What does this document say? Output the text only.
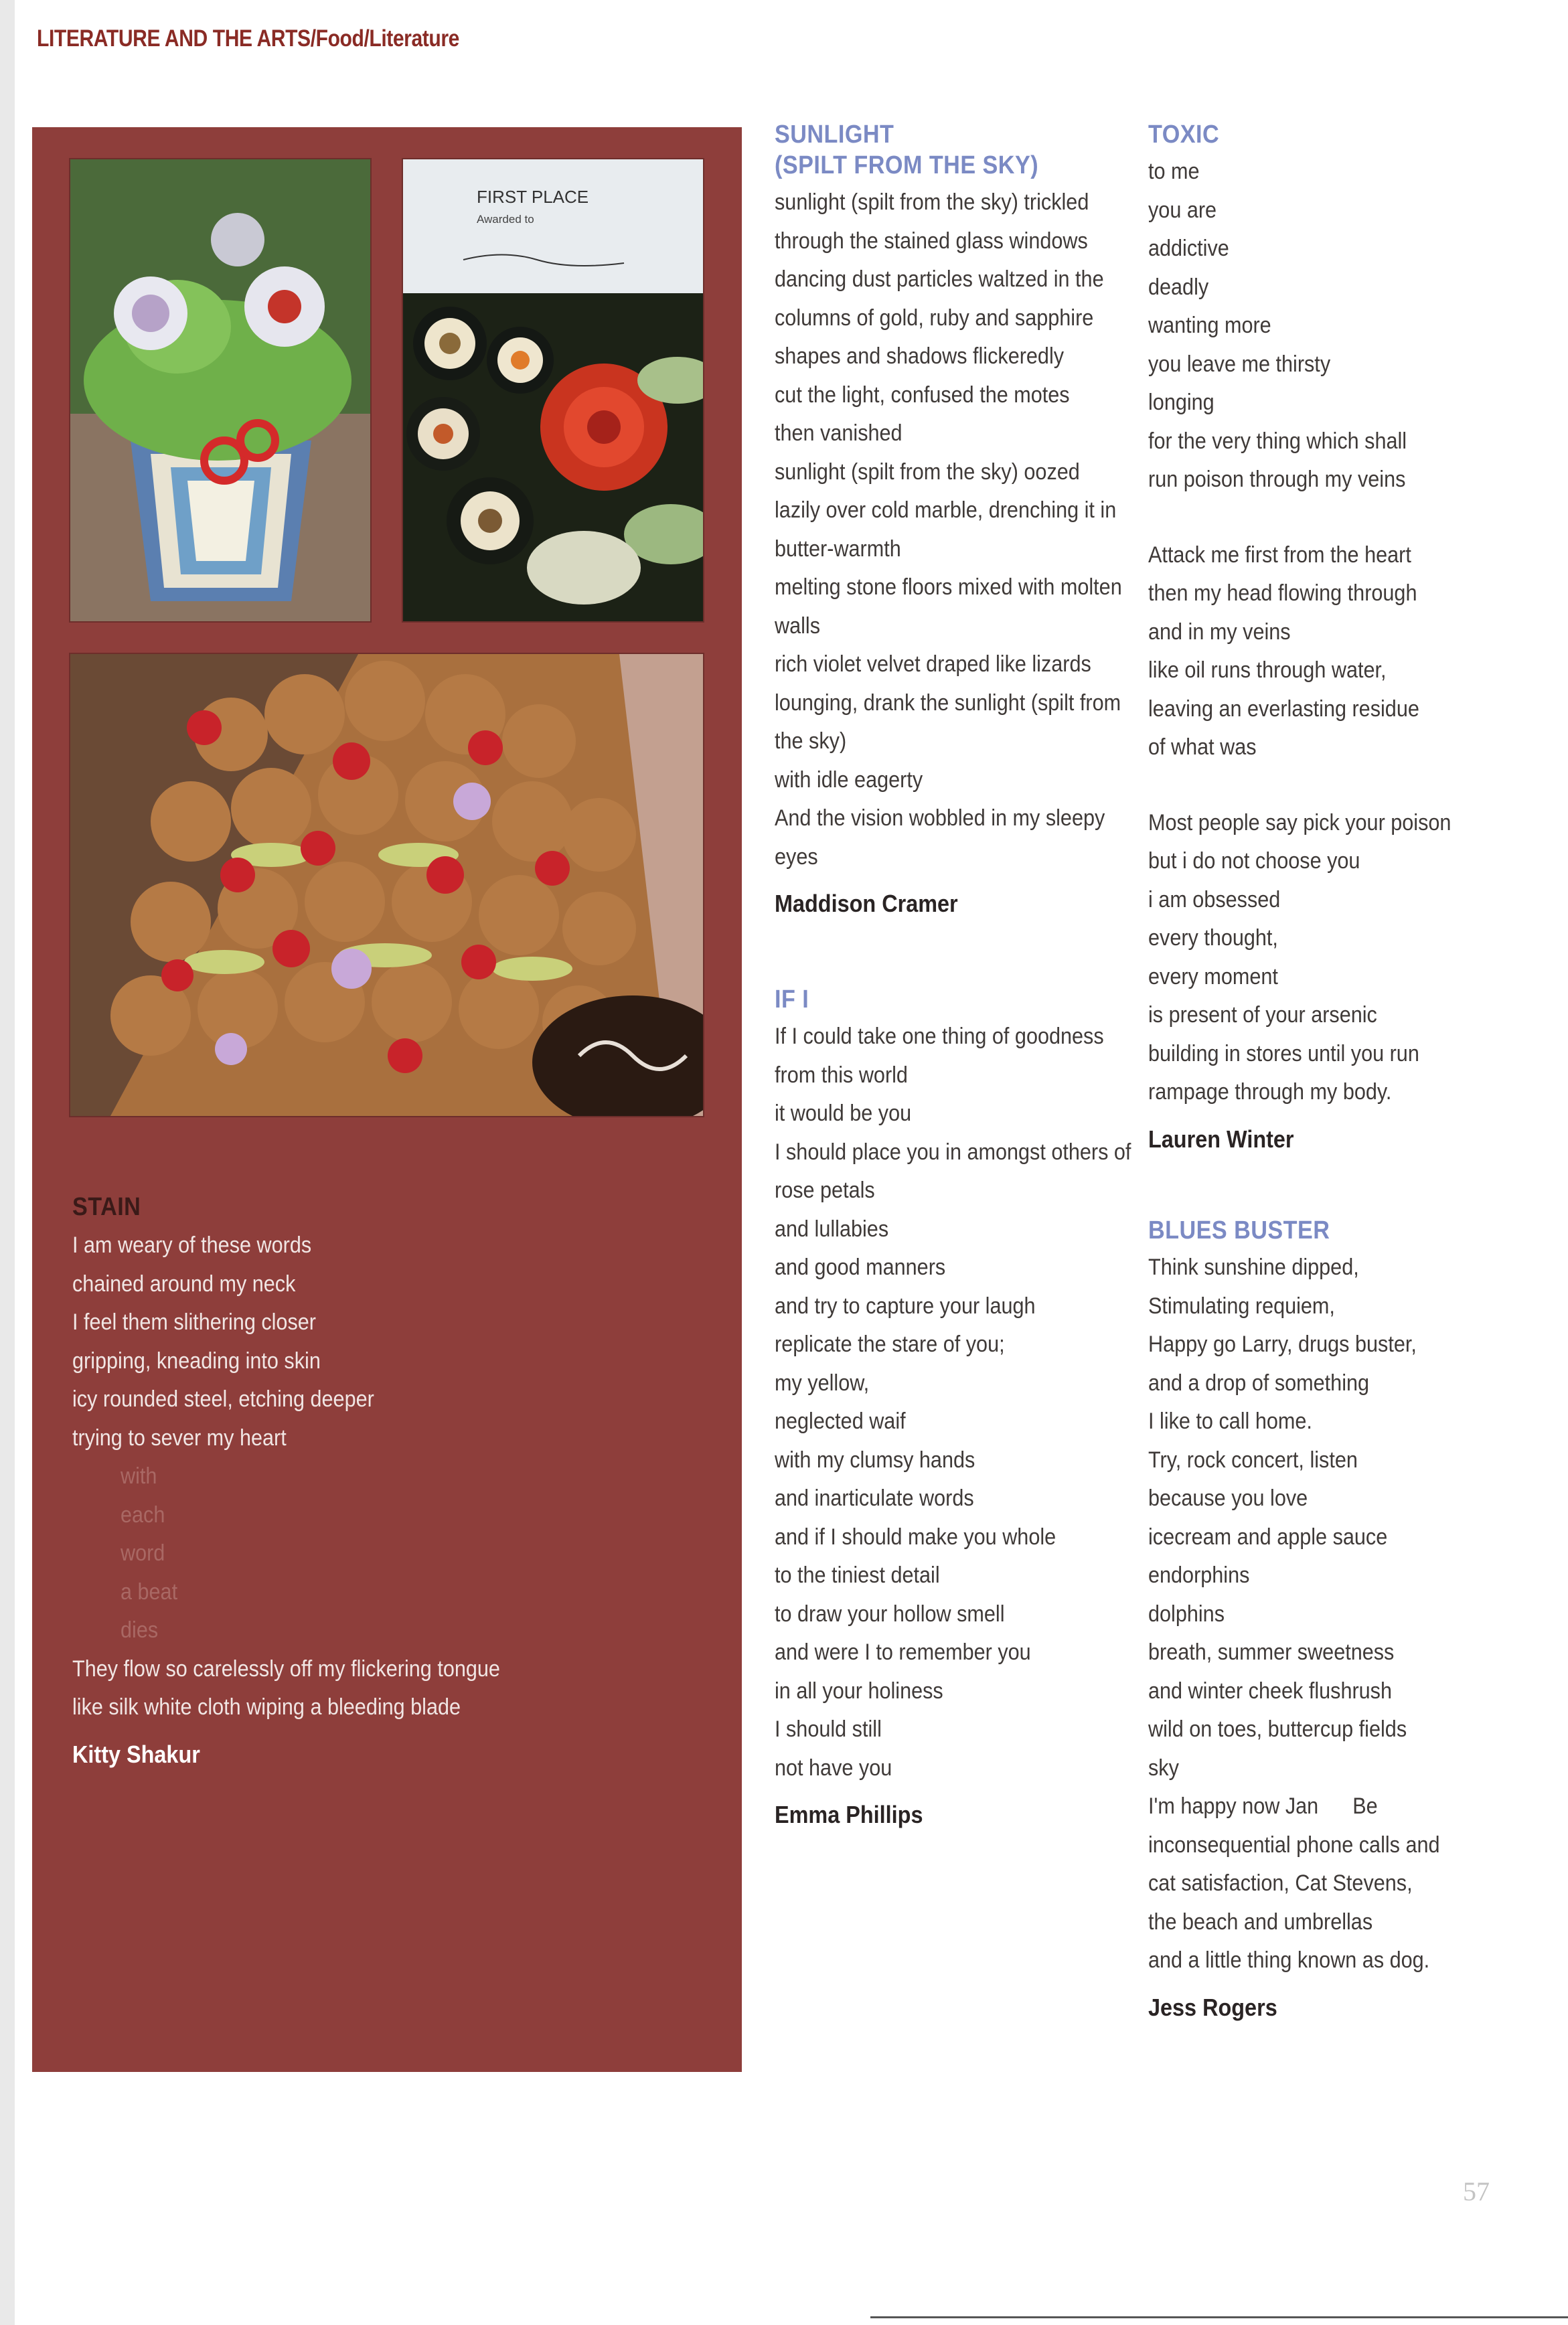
LITERATURE AND THE ARTS/Food/Literature
FIRST PLACE
Awarded to
STAIN
I am weary of these words
chained around my neck
I feel them slithering closer
gripping, kneading into skin
icy rounded steel, etching deeper
trying to sever my heart
with
each
word
a beat
dies
They flow so carelessly off my flickering tongue
like silk white cloth wiping a bleeding blade
Kitty Shakur
SUNLIGHT
(SPILT FROM THE SKY)
sunlight (spilt from the sky) trickled
through the stained glass windows
dancing dust particles waltzed in the
columns of gold, ruby and sapphire
shapes and shadows flickeredly
cut the light, confused the motes
then vanished
sunlight (spilt from the sky) oozed
lazily over cold marble, drenching it in
butter-warmth
melting stone floors mixed with molten
walls
rich violet velvet draped like lizards
lounging, drank the sunlight (spilt from
the sky)
with idle eagerty
And the vision wobbled in my sleepy
eyes
Maddison Cramer
IF I
If I could take one thing of goodness
from this world
it would be you
I should place you in amongst others of
rose petals
and lullabies
and good manners
and try to capture your laugh
replicate the stare of you;
my yellow,
neglected waif
with my clumsy hands
and inarticulate words
and if I should make you whole
to the tiniest detail
to draw your hollow smell
and were I to remember you
in all your holiness
I should still
not have you
Emma Phillips
TOXIC
to me
you are
addictive
deadly
wanting more
you leave me thirsty
longing
for the very thing which shall
run poison through my veins
Attack me first from the heart
then my head flowing through
and in my veins
like oil runs through water,
leaving an everlasting residue
of what was
Most people say pick your poison
but i do not choose you
i am obsessed
every thought,
every moment
is present of your arsenic
building in stores until you run
rampage through my body.
Lauren Winter
BLUES BUSTER
Think sunshine dipped,
Stimulating requiem,
Happy go Larry, drugs buster,
and a drop of something
I like to call home.
Try, rock concert, listen
because you love
icecream and apple sauce
endorphins
dolphins
breath, summer sweetness
and winter cheek flushrush
wild on toes, buttercup fields
sky
I'm happy now Jan      Be
inconsequential phone calls and
cat satisfaction, Cat Stevens,
the beach and umbrellas
and a little thing known as dog.
Jess Rogers
57
